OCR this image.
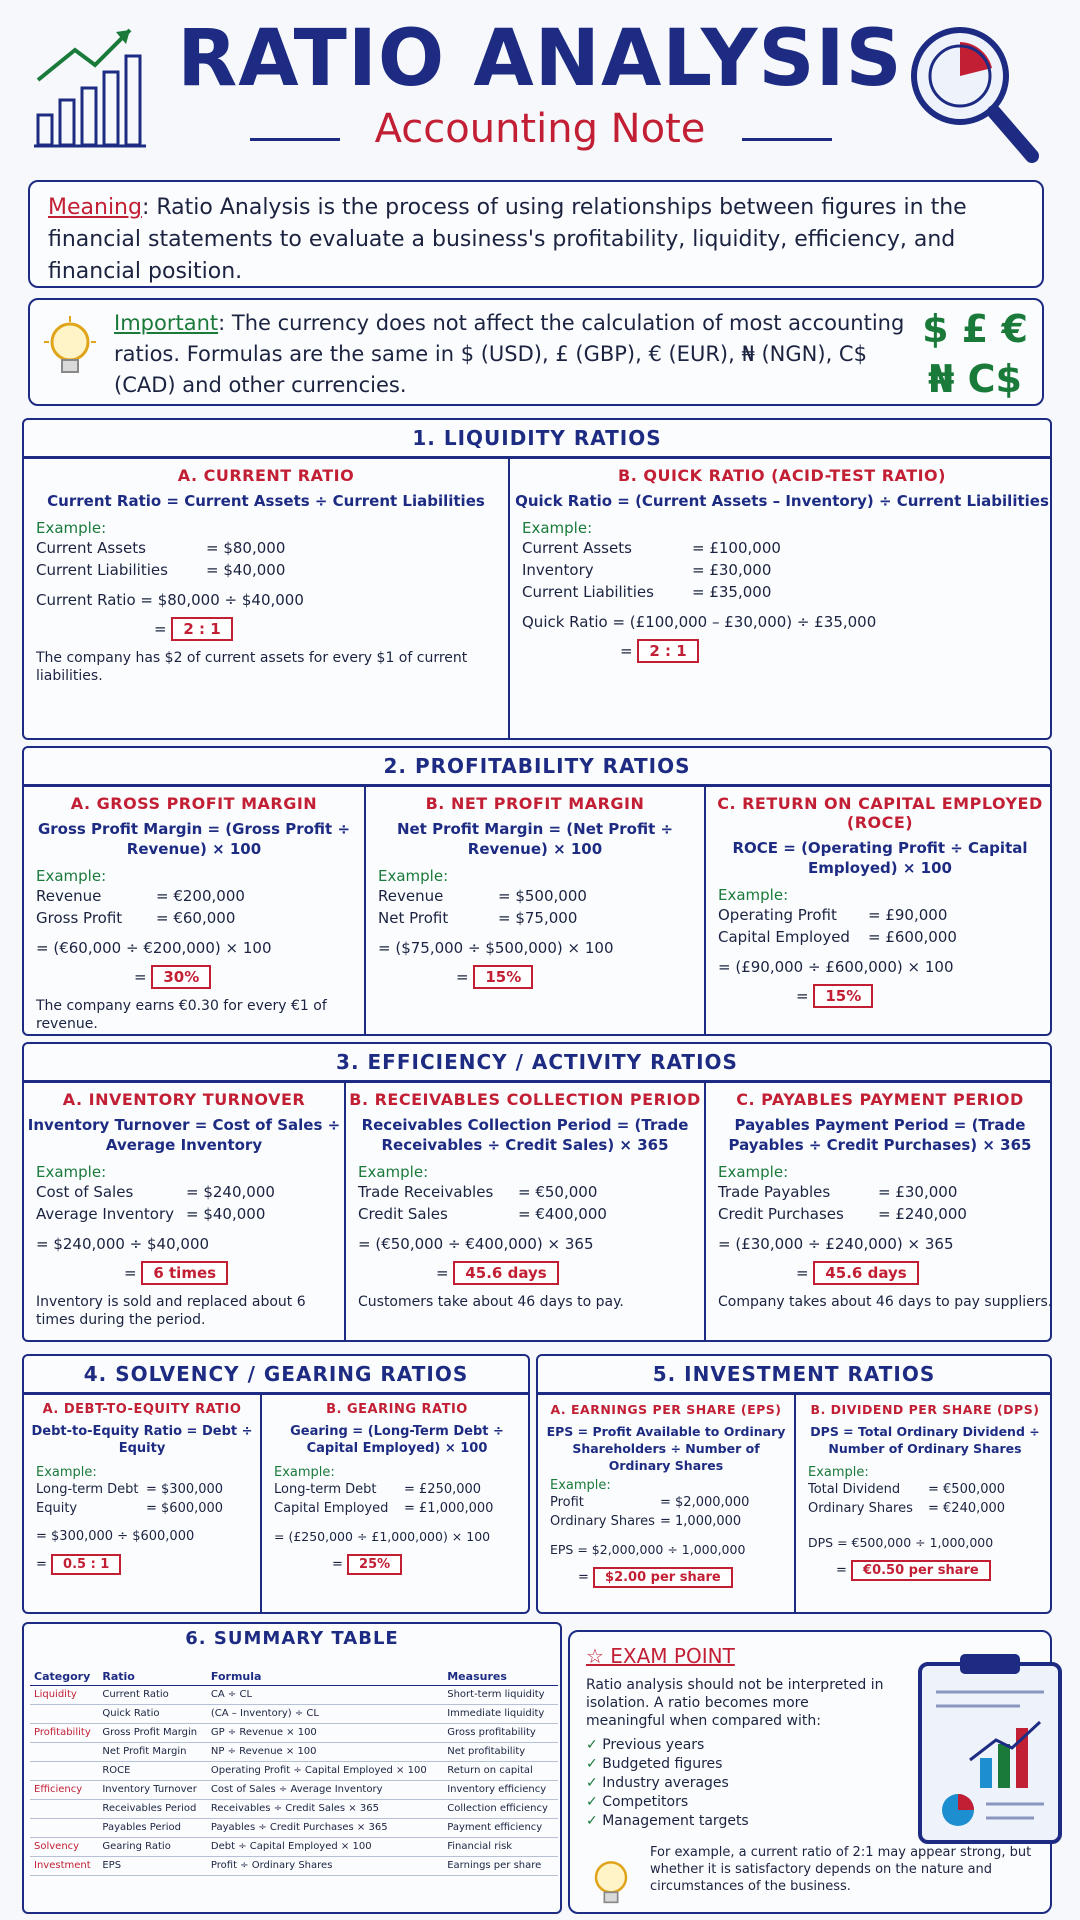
RATIO ANALYSIS
Accounting Note

Meaning: Ratio Analysis is the process of using relationships between figures in the financial statements to evaluate a business's profitability, liquidity, efficiency, and financial position.

Important: The currency does not affect the calculation of most accounting ratios. Formulas are the same in $ (USD), £ (GBP), € (EUR), ₦ (NGN), C$ (CAD) and other currencies.

$ £ €
₦ C$
1. LIQUIDITY RATIOS
A. CURRENT RATIO
Current Ratio = Current Assets ÷ Current Liabilities
Example:
Current Assets	= $80,000
Current Liabilities	= $40,000
Current Ratio = $80,000 ÷ $40,000
= 2 : 1
The company has $2 of current assets for every $1 of current liabilities.
B. QUICK RATIO (ACID-TEST RATIO)
Quick Ratio = (Current Assets – Inventory) ÷ Current Liabilities
Example:
Current Assets	= £100,000
Inventory	= £30,000
Current Liabilities	= £35,000
Quick Ratio = (£100,000 – £30,000) ÷ £35,000
= 2 : 1
2. PROFITABILITY RATIOS
A. GROSS PROFIT MARGIN
Gross Profit Margin = (Gross Profit ÷ Revenue) × 100
Example:
Revenue	= €200,000
Gross Profit	= €60,000
= (€60,000 ÷ €200,000) × 100
= 30%
The company earns €0.30 for every €1 of revenue.
B. NET PROFIT MARGIN
Net Profit Margin = (Net Profit ÷ Revenue) × 100
Example:
Revenue	= $500,000
Net Profit	= $75,000
= ($75,000 ÷ $500,000) × 100
= 15%
C. RETURN ON CAPITAL EMPLOYED (ROCE)
ROCE = (Operating Profit ÷ Capital Employed) × 100
Example:
Operating Profit	= £90,000
Capital Employed	= £600,000
= (£90,000 ÷ £600,000) × 100
= 15%
3. EFFICIENCY / ACTIVITY RATIOS
A. INVENTORY TURNOVER
Inventory Turnover = Cost of Sales ÷ Average Inventory
Example:
Cost of Sales	= $240,000
Average Inventory = $40,000
= $240,000 ÷ $40,000
= 6 times
Inventory is sold and replaced about 6 times during the period.
B. RECEIVABLES COLLECTION PERIOD
Receivables Collection Period = (Trade Receivables ÷ Credit Sales) × 365
Example:
Trade Receivables	= €50,000
Credit Sales	= €400,000
= (€50,000 ÷ €400,000) × 365
= 45.6 days
Customers take about 46 days to pay.
C. PAYABLES PAYMENT PERIOD
Payables Payment Period = (Trade Payables ÷ Credit Purchases) × 365
Example:
Trade Payables	= £30,000
Credit Purchases	= £240,000
= (£30,000 ÷ £240,000) × 365
= 45.6 days
Company takes about 46 days to pay suppliers.
4. SOLVENCY / GEARING RATIOS
A. DEBT-TO-EQUITY RATIO
Debt-to-Equity Ratio = Debt ÷ Equity
Example:
Long-term Debt = $300,000
Equity	= $600,000
= $300,000 ÷ $600,000
= 0.5 : 1
B. GEARING RATIO
Gearing = (Long-Term Debt ÷ Capital Employed) × 100
Example:
Long-term Debt	= £250,000
Capital Employed	= £1,000,000
= (£250,000 ÷ £1,000,000) × 100
= 25%
5. INVESTMENT RATIOS
A. EARNINGS PER SHARE (EPS)
EPS = Profit Available to Ordinary Shareholders ÷ Number of Ordinary Shares
Example:
Profit	= $2,000,000
Ordinary Shares = 1,000,000
EPS = $2,000,000 ÷ 1,000,000
= $2.00 per share
B. DIVIDEND PER SHARE (DPS)
DPS = Total Ordinary Dividend ÷ Number of Ordinary Shares
Example:
Total Dividend	= €500,000
Ordinary Shares	= €240,000
DPS = €500,000 ÷ 1,000,000
= €0.50 per share
6. SUMMARY TABLE
Category	Ratio	Formula	Measures
Liquidity	Current Ratio	CA ÷ CL	Short-term liquidity
	Quick Ratio	(CA – Inventory) ÷ CL	Immediate liquidity
Profitability	Gross Profit Margin	GP ÷ Revenue × 100	Gross profitability
	Net Profit Margin	NP ÷ Revenue × 100	Net profitability
	ROCE	Operating Profit ÷ Capital Employed × 100	Return on capital
Efficiency	Inventory Turnover	Cost of Sales ÷ Average Inventory	Inventory efficiency
	Receivables Period	Receivables ÷ Credit Sales × 365	Collection efficiency
	Payables Period	Payables ÷ Credit Purchases × 365	Payment efficiency
Solvency	Gearing Ratio	Debt ÷ Capital Employed × 100	Financial risk
Investment	EPS	Profit ÷ Ordinary Shares	Earnings per share
☆ EXAM POINT
Ratio analysis should not be interpreted in isolation. A ratio becomes more meaningful when compared with:
✓ Previous years
✓ Budgeted figures
✓ Industry averages
✓ Competitors
✓ Management targets
For example, a current ratio of 2:1 may appear strong, but whether it is satisfactory depends on the nature and circumstances of the business.
